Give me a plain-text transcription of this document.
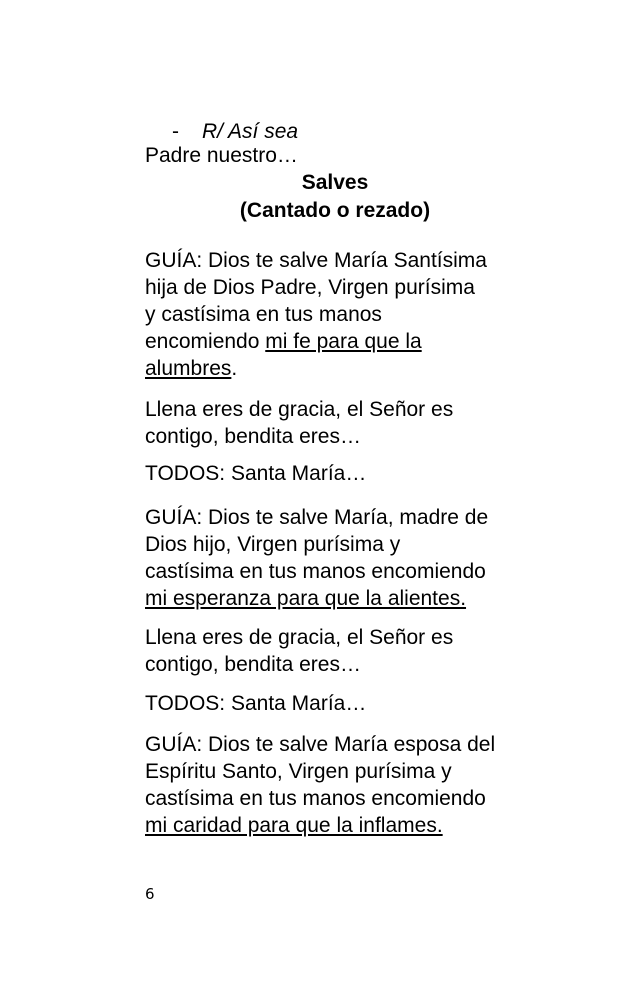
- R/ Así sea

Padre nuestro…

Salves

(Cantado o rezado)

GUÍA: Dios te salve María Santísima

hija de Dios Padre, Virgen purísima

y castísima en tus manos

encomiendo mi fe para que la

alumbres.

Llena eres de gracia, el Señor es

contigo, bendita eres…

TODOS: Santa María…

GUÍA: Dios te salve María, madre de

Dios hijo, Virgen purísima y

castísima en tus manos encomiendo

mi esperanza para que la alientes.

Llena eres de gracia, el Señor es

contigo, bendita eres…

TODOS: Santa María…

GUÍA: Dios te salve María esposa del

Espíritu Santo, Virgen purísima y

castísima en tus manos encomiendo

mi caridad para que la inflames.

6
